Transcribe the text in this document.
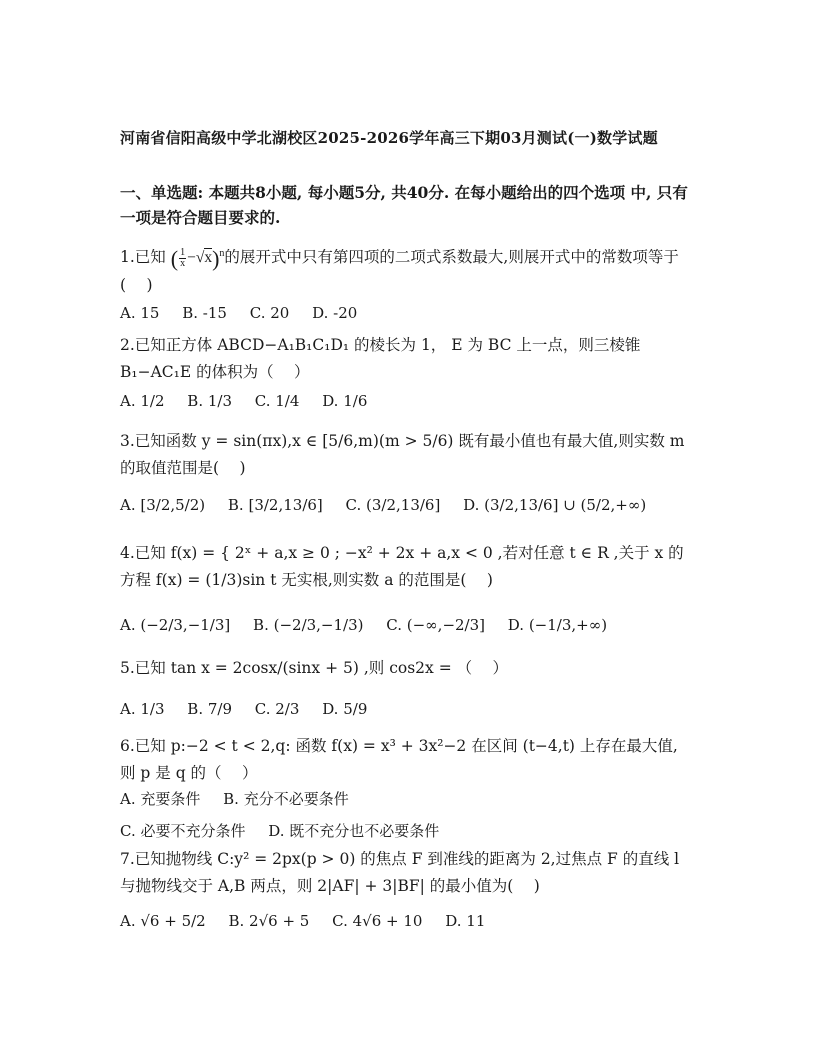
河南省信阳高级中学北湖校区2025-2026学年高三下期03月测试(一)数学试题
一、单选题: 本题共8小题, 每小题5分, 共40分. 在每小题给出的四个选项 中, 只有一项是符合题目要求的.
1.已知 ( $\frac{1}{x} -√x)^n$的展开式中只有第四项的二项式系数最大,则展开式中的常数项等于(  )
A. 15 B. -15 C. 20 D. -20
2.已知正方体 ABCD−A₁B₁C₁D₁ 的棱长为 1， E 为 BC 上一点，则三棱锥 B₁−AC₁E 的体积为（  ）
A. 1/2 B. 1/3 C. 1/4 D. 1/6
3.已知函数 y = sin(πx),x ∈ [5/6,m)(m > 5/6) 既有最小值也有最大值,则实数 m 的取值范围是(  )
A. [3/2,5/2) B. [3/2,13/6] C. (3/2,13/6] D. (3/2,13/6] ∪ (5/2,+∞)
4.已知 f(x) = { 2ˣ + a,x ≥ 0 ; −x² + 2x + a,x < 0 ,若对任意 t ∈ R ,关于 x 的方程 f(x) = (1/3)sin t 无实根,则实数 a 的范围是(  )
A. (−2/3,−1/3] B. (−2/3,−1/3) C. (−∞,−2/3] D. (−1/3,+∞)
5.已知 tan x = 2cosx/(sinx + 5) ,则 cos2x = （  ）
A. 1/3 B. 7/9 C. 2/3 D. 5/9
6.已知 p:−2 < t < 2,q: 函数 f(x) = x³ + 3x²−2 在区间 (t−4,t) 上存在最大值,则 p 是 q 的（  ）
A. 充要条件 B. 充分不必要条件
C. 必要不充分条件 D. 既不充分也不必要条件
7.已知抛物线 C:y² = 2px(p > 0) 的焦点 F 到准线的距离为 2,过焦点 F 的直线 l 与抛物线交于 A,B 两点，则 2|AF| + 3|BF| 的最小值为(  )
A. √6 + 5/2 B. 2√6 + 5 C. 4√6 + 10 D. 11
